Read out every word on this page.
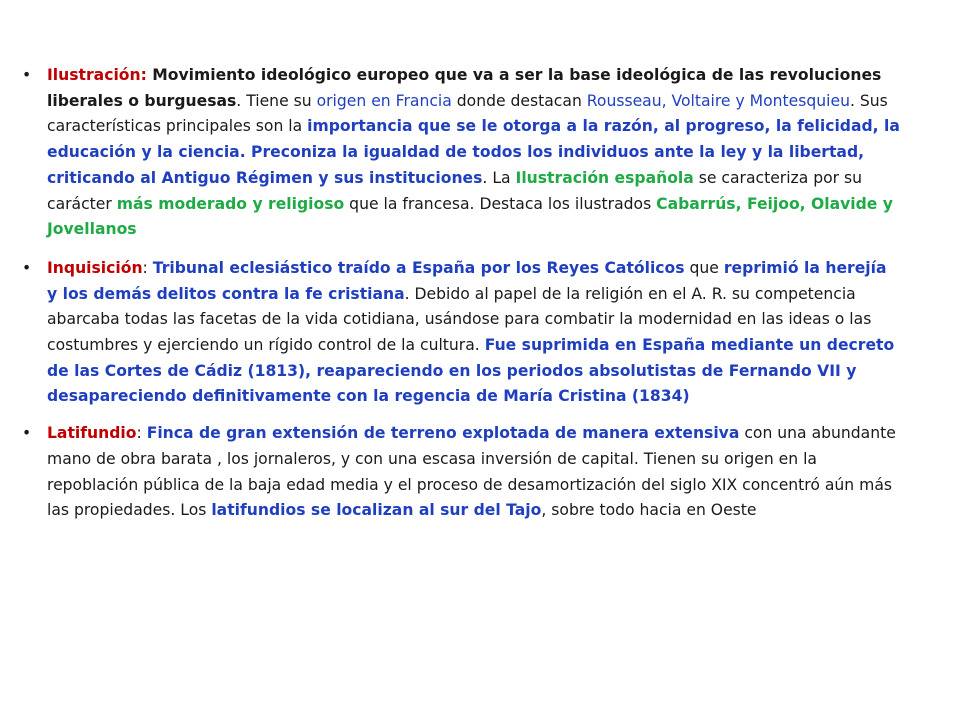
• Ilustración: Movimiento ideológico europeo que va a ser la base ideológica de las revoluciones liberales o burguesas. Tiene su origen en Francia donde destacan Rousseau, Voltaire y Montesquieu. Sus características principales son la importancia que se le otorga a la razón, al progreso, la felicidad, la educación y la ciencia. Preconiza la igualdad de todos los individuos ante la ley y la libertad, criticando al Antiguo Régimen y sus instituciones. La Ilustración española se caracteriza por su carácter más moderado y religioso que la francesa. Destaca los ilustrados Cabarrús, Feijoo, Olavide y Jovellanos
• Inquisición: Tribunal eclesiástico traído a España por los Reyes Católicos que reprimió la herejía y los demás delitos contra la fe cristiana. Debido al papel de la religión en el A. R. su competencia abarcaba todas las facetas de la vida cotidiana, usándose para combatir la modernidad en las ideas o las costumbres y ejerciendo un rígido control de la cultura. Fue suprimida en España mediante un decreto de las Cortes de Cádiz (1813), reapareciendo en los periodos absolutistas de Fernando VII y desapareciendo definitivamente con la regencia de María Cristina (1834)
• Latifundio: Finca de gran extensión de terreno explotada de manera extensiva con una abundante mano de obra barata , los jornaleros, y con una escasa inversión de capital. Tienen su origen en la repoblación pública de la baja edad media y el proceso de desamortización del siglo XIX concentró aún más las propiedades. Los latifundios se localizan al sur del Tajo, sobre todo hacia en Oeste
